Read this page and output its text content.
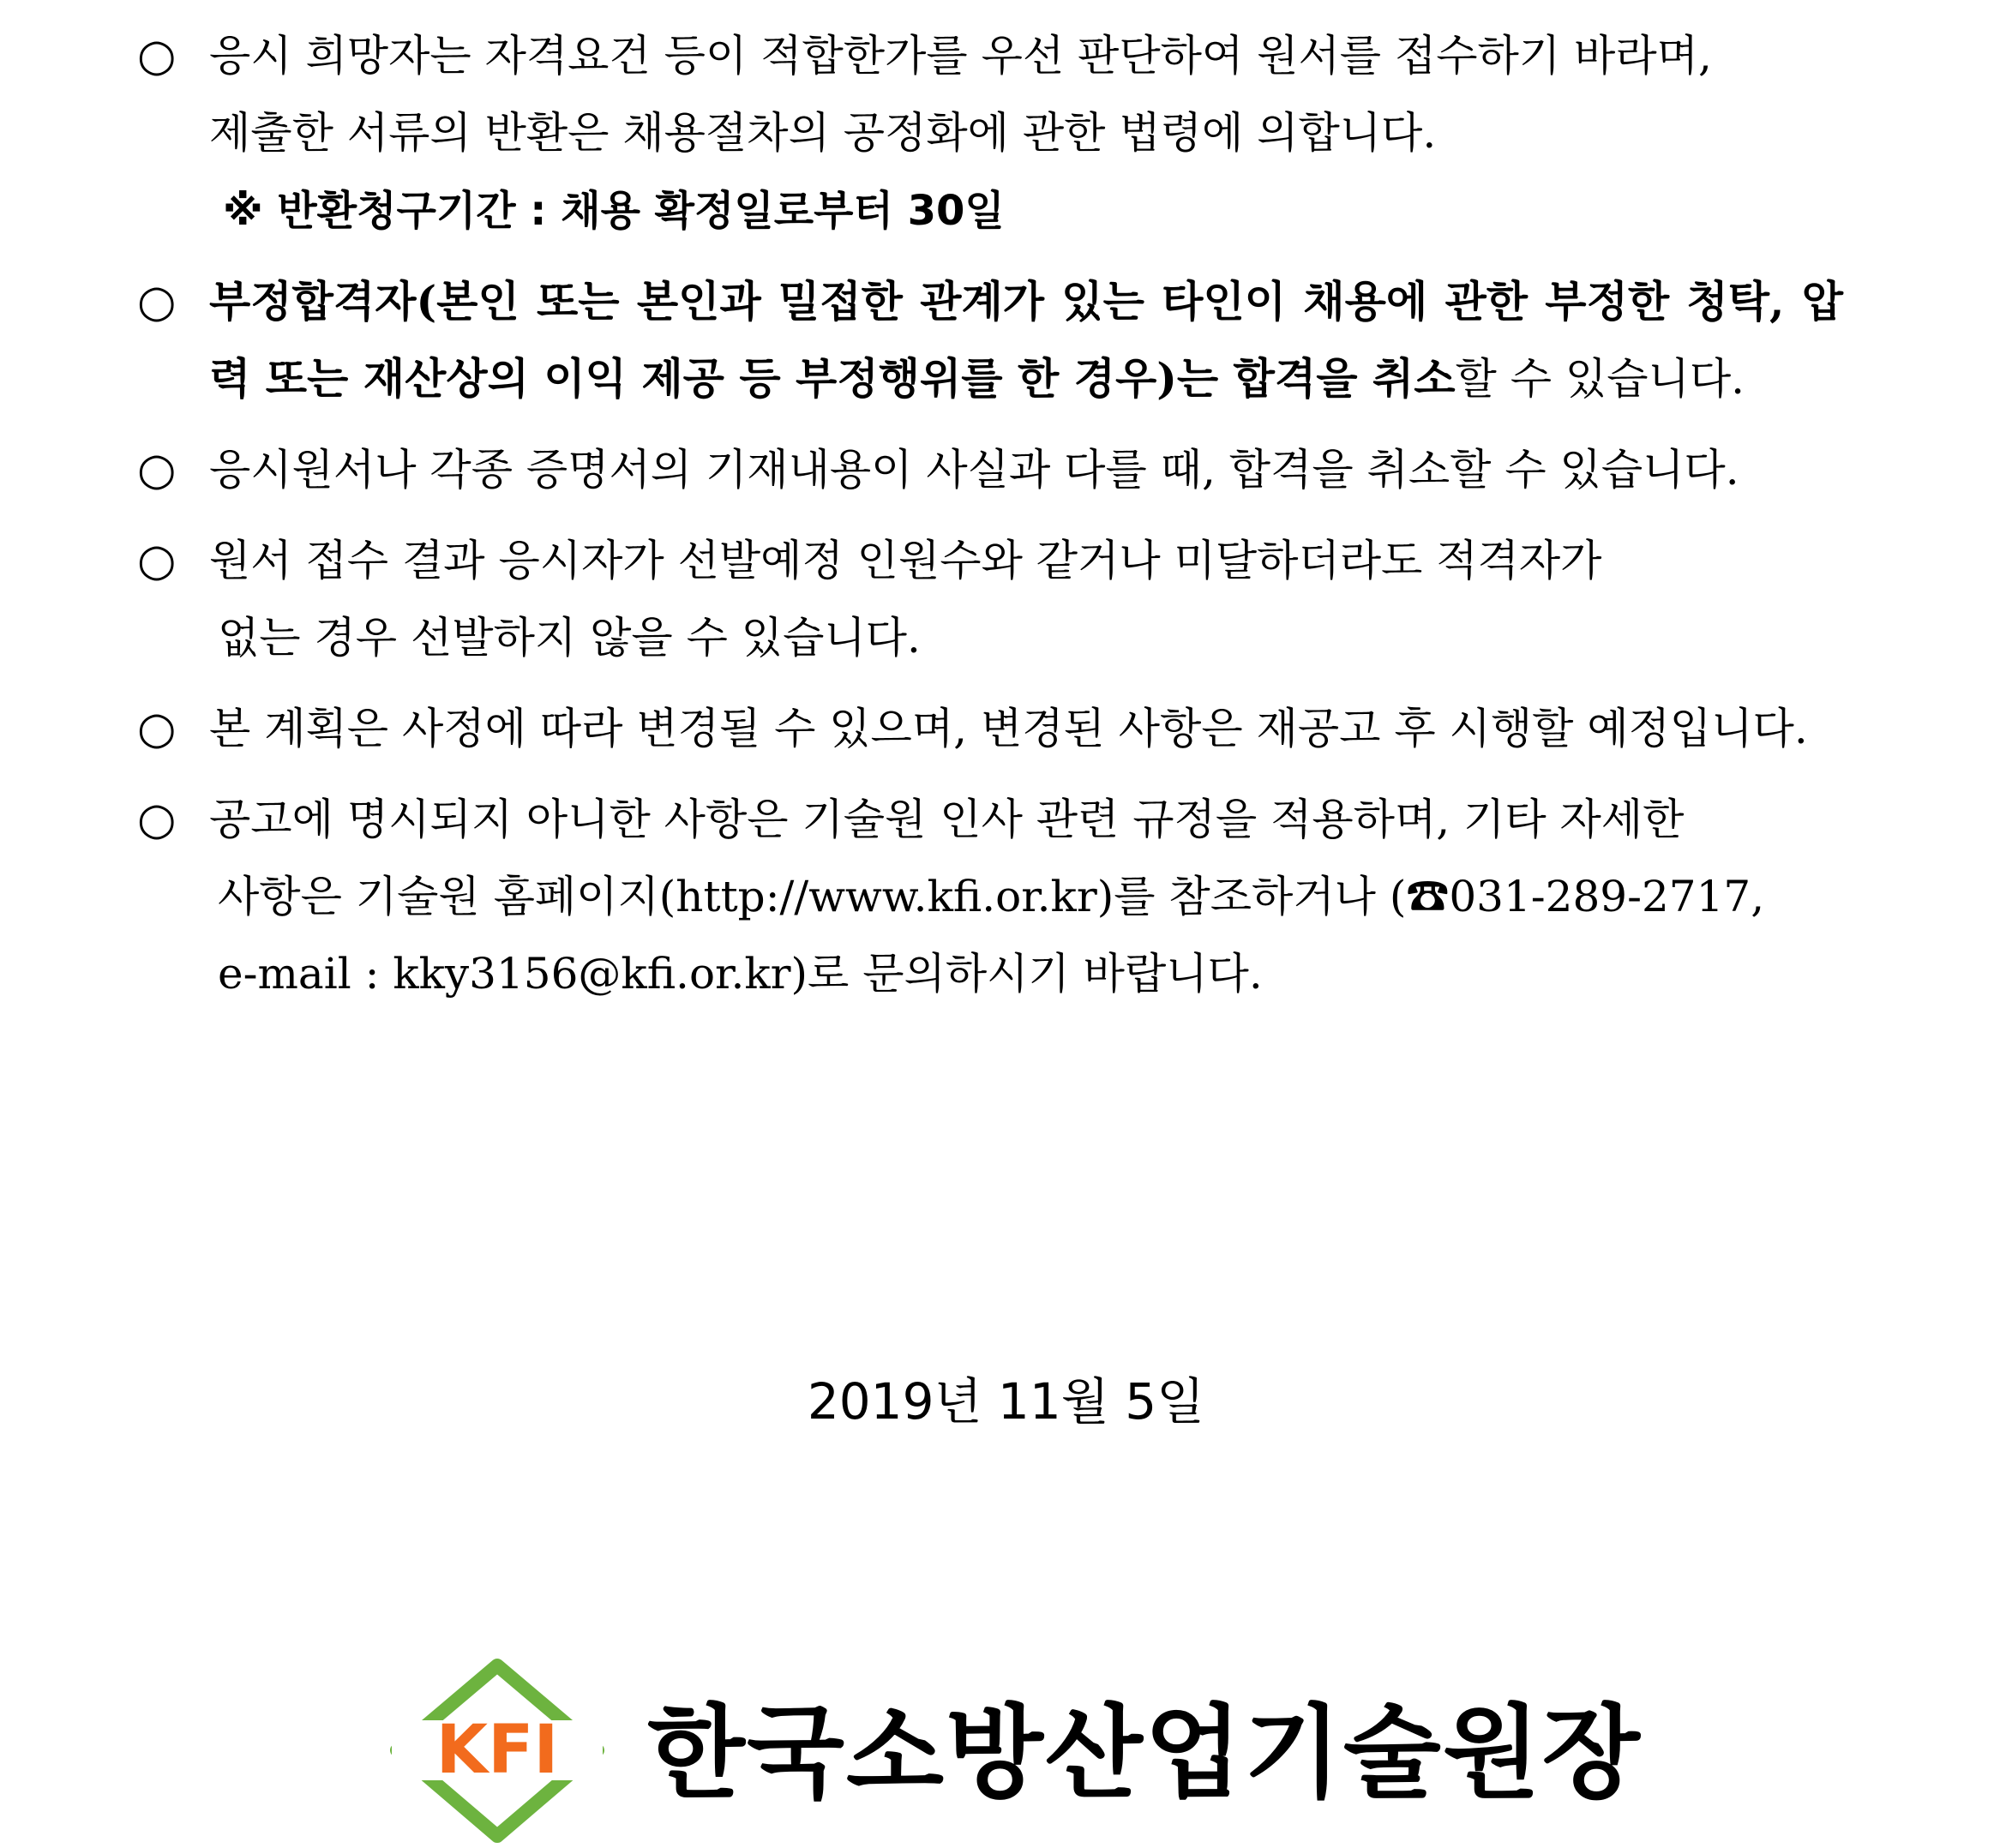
○ 응시 희망자는 자격요건 등이 적합한가를 우선 판단하여 원서를 접수하기 바라며,
제출한 서류의 반환은 채용절차의 공정화에 관한 법령에 의합니다.
※ 반환청구기간 : 채용 확정일로부터 30일
○ 부정합격자(본인 또는 본인과 밀접한 관계가 있는 타인이 채용에 관한 부정한 청탁, 압력 또는 재산상의 이익 제공 등 부정행위를 한 경우)는 합격을 취소할 수 있습니다.
○ 응시원서나 각종 증명서의 기재내용이 사실과 다를 때, 합격을 취소할 수 있습니다.
○ 원서 접수 결과 응시자가 선발예정 인원수와 같거나 미달하더라도 적격자가
없는 경우 선발하지 않을 수 있습니다.
○ 본 계획은 사정에 따라 변경될 수 있으며, 변경된 사항은 재공고 후 시행할 예정입니다.
○ 공고에 명시되지 아니한 사항은 기술원 인사 관련 규정을 적용하며, 기타 자세한
사항은 기술원 홈페이지(http://www.kfi.or.kr)를 참조하거나 (☎031-289-2717,
e-mail : kky3156@kfi.or.kr)로 문의하시기 바랍니다.
2019년 11월 5일
KFI 한국소방산업기술원장
